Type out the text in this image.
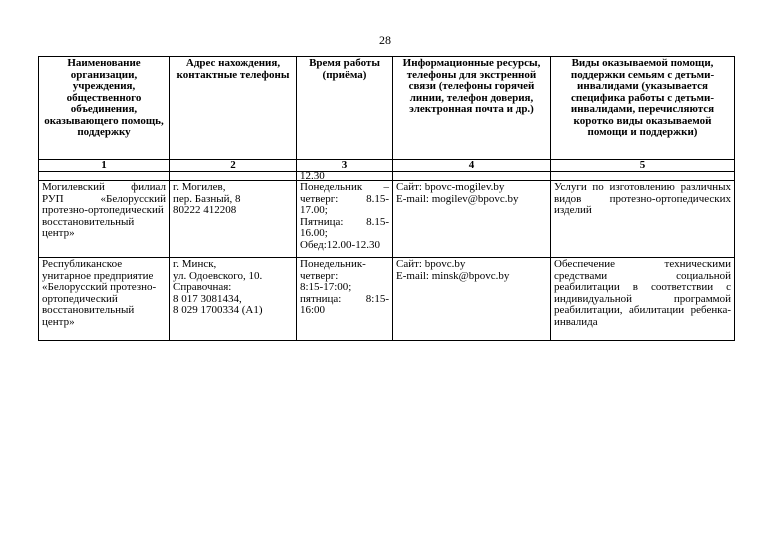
28
Наименование организации, учреждения, общественного объединения, оказывающего помощь, поддержку	Адрес нахождения, контактные телефоны	Время работы (приёма)	Информационные ресурсы, телефоны для экстренной связи (телефоны горячей линии, телефон доверия, электронная почта и др.)	Виды оказываемой помощи, поддержки семьям с детьми-инвалидами (указывается специфика работы с детьми-инвалидами, перечисляются коротко виды оказываемой помощи и поддержки)
1	2	3	4	5
		12.30		
Могилевский филиал РУП «Белорусский протезно-ортопедический восстановительный центр»	г. Могилев,
пер. Базный, 8
80222 412208	Понедельник – четверг: 8.15-17.00;
Пятница: 8.15-16.00;
Обед:12.00-12.30	Сайт: bpovc-mogilev.by
E-mail: mogilev@bpovc.by	Услуги по изготовлению различных видов протезно-ортопедических изделий
Республиканское унитарное предприятие «Белорусский протезно-ортопедический восстановительный центр»	г. Минск,
ул. Одоевского, 10.
Справочная:
8 017 3081434,
8 029 1700334 (А1)	Понедельник-четверг:
8:15-17:00;
пятница: 8:15-16:00	Сайт: bpovc.by
E-mail: minsk@bpovc.by	Обеспечение техническими средствами социальной реабилитации в соответствии с индивидуальной программой реабилитации, абилитации ребенка-инвалида
